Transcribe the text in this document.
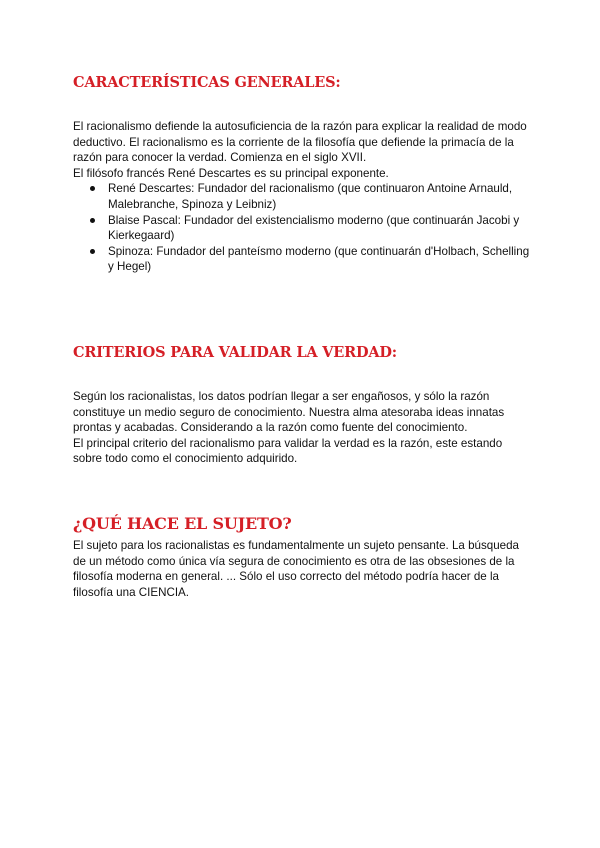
CARACTERÍSTICAS GENERALES:

El racionalismo defiende la autosuficiencia de la razón para explicar la realidad de modo deductivo. El racionalismo es la corriente de la filosofía que defiende la primacía de la razón para conocer la verdad. Comienza en el siglo XVII.

El filósofo francés René Descartes es su principal exponente.

René Descartes: Fundador del racionalismo (que continuaron Antoine Arnauld, Malebranche, Spinoza y Leibniz)
Blaise Pascal: Fundador del existencialismo moderno (que continuarán Jacobi y Kierkegaard)
Spinoza: Fundador del panteísmo moderno (que continuarán d'Holbach, Schelling y Hegel)
CRITERIOS PARA VALIDAR LA VERDAD:

Según los racionalistas, los datos podrían llegar a ser engañosos, y sólo la razón constituye un medio seguro de conocimiento. Nuestra alma atesoraba ideas innatas prontas y acabadas. Considerando a la razón como fuente del conocimiento.

El principal criterio del racionalismo para validar la verdad es la razón, este estando sobre todo como el conocimiento adquirido.

¿QUÉ HACE EL SUJETO?

El sujeto para los racionalistas es fundamentalmente un sujeto pensante. La búsqueda de un método como única vía segura de conocimiento es otra de las obsesiones de la filosofía moderna en general. ... Sólo el uso correcto del método podría hacer de la filosofía una CIENCIA.
